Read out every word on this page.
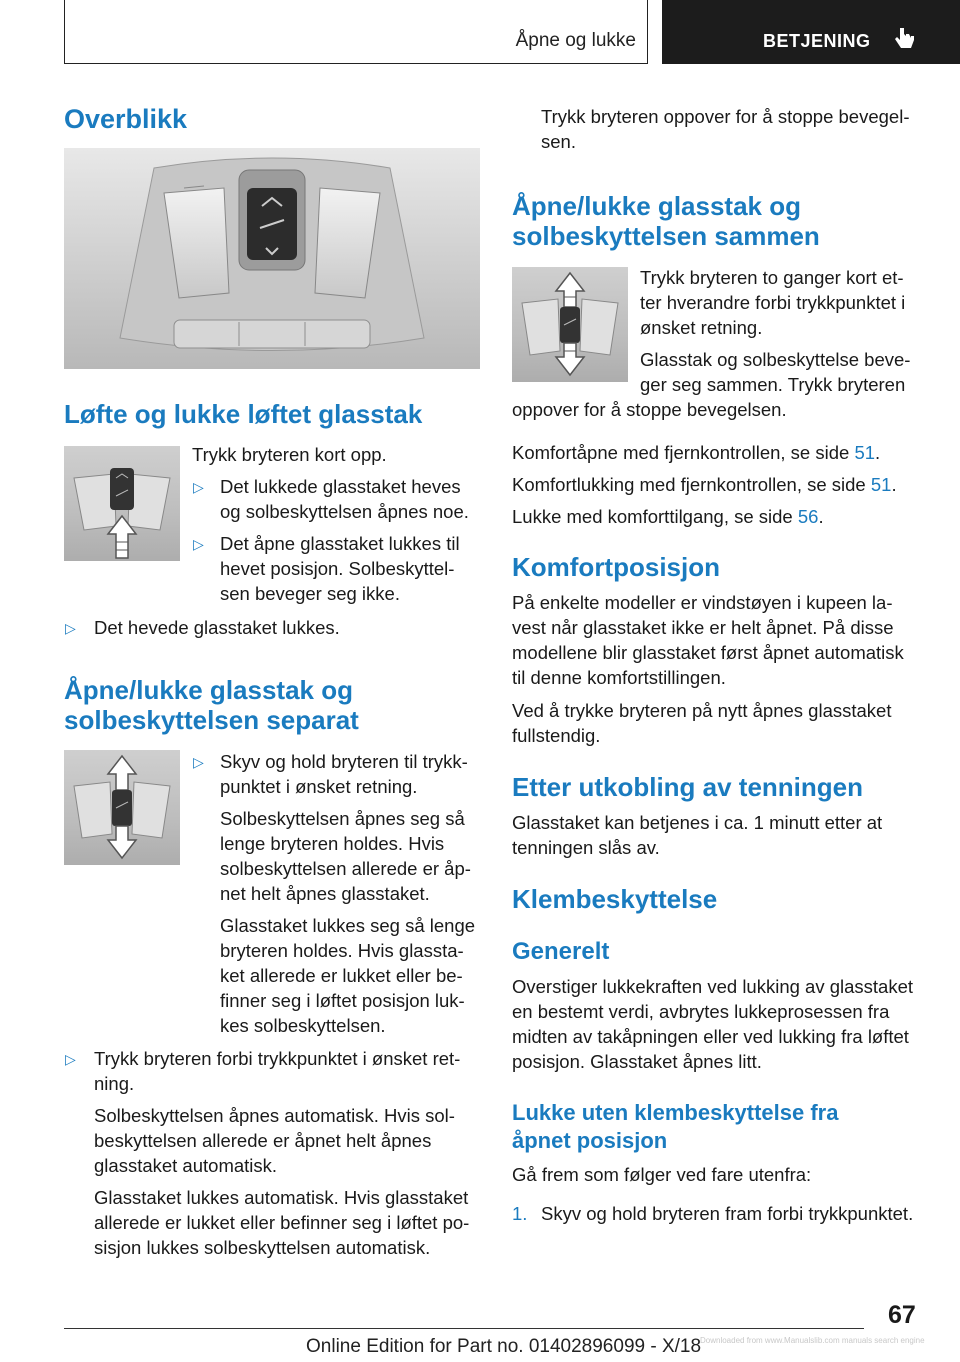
Åpne og lukke	BETJENING
Overblikk
Løfte og lukke løftet glasstak
Trykk bryteren kort opp.
▷ Det lukkede glasstaket heves
og solbeskyttelsen åpnes noe.
▷ Det åpne glasstaket lukkes til
hevet posisjon. Solbeskyttel-
sen beveger seg ikke.
▷ Det hevede glasstaket lukkes.
Åpne/lukke glasstak og
solbeskyttelsen separat
▷ Skyv og hold bryteren til trykk-
punktet i ønsket retning.
Solbeskyttelsen åpnes seg så
lenge bryteren holdes. Hvis
solbeskyttelsen allerede er åp-
net helt åpnes glasstaket.
Glasstaket lukkes seg så lenge
bryteren holdes. Hvis glassta-
ket allerede er lukket eller be-
finner seg i løftet posisjon luk-
kes solbeskyttelsen.
▷ Trykk bryteren forbi trykkpunktet i ønsket ret-
ning.
Solbeskyttelsen åpnes automatisk. Hvis sol-
beskyttelsen allerede er åpnet helt åpnes
glasstaket automatisk.
Glasstaket lukkes automatisk. Hvis glasstaket
allerede er lukket eller befinner seg i løftet po-
sisjon lukkes solbeskyttelsen automatisk.
Trykk bryteren oppover for å stoppe bevegel-
sen.
Åpne/lukke glasstak og
solbeskyttelsen sammen
Trykk bryteren to ganger kort et-
ter hverandre forbi trykkpunktet i
ønsket retning.
Glasstak og solbeskyttelse beve-
ger seg sammen. Trykk bryteren
oppover for å stoppe bevegelsen.
Komfortåpne med fjernkontrollen, se side 51.
Komfortlukking med fjernkontrollen, se side 51.
Lukke med komforttilgang, se side 56.
Komfortposisjon
På enkelte modeller er vindstøyen i kupeen la-
vest når glasstaket ikke er helt åpnet. På disse
modellene blir glasstaket først åpnet automatisk
til denne komfortstillingen.
Ved å trykke bryteren på nytt åpnes glasstaket
fullstendig.
Etter utkobling av tenningen
Glasstaket kan betjenes i ca. 1 minutt etter at
tenningen slås av.
Klembeskyttelse
Generelt
Overstiger lukkekraften ved lukking av glasstaket
en bestemt verdi, avbrytes lukkeprosessen fra
midten av takåpningen eller ved lukking fra løftet
posisjon. Glasstaket åpnes litt.
Lukke uten klembeskyttelse fra
åpnet posisjon
Gå frem som følger ved fare utenfra:
1. Skyv og hold bryteren fram forbi trykkpunktet.
67
Online Edition for Part no. 01402896099 - X/18
Downloaded from www.Manualslib.com manuals search engine
